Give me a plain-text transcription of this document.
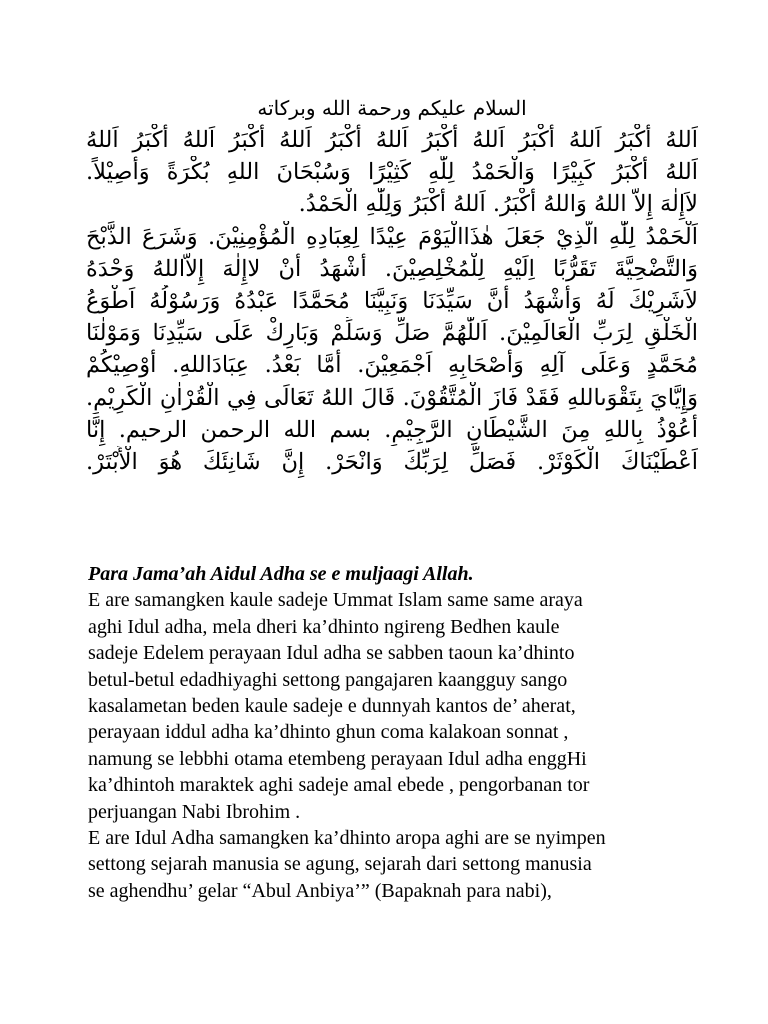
السلام عليكم ورحمة الله وبركاته
اَللهُ أَكْبَرُ اَللهُ أَكْبَرُ اَللهُ أَكْبَرُ اَللهُ أَكْبَرُ اَللهُ أَكْبَرُ اَللهُ أَكْبَرُ اَللهُ
اَللهُ أَكْبَرُ كَبِيْرًا وَالْحَمْدُ لِلّٰهِ كَثِيْرًا وَسُبْحَانَ اللهِ بُكْرَةً وَأَصِيْلاً.
لاَإِلٰهَ إِلاَّ اللهُ وَاللهُ أَكْبَرُ. اَللهُ أَكْبَرُ وَلِلّٰهِ الْحَمْدُ.
اَلْحَمْدُ لِلّٰهِ الَّذِيْ جَعَلَ هٰذَاالْيَوْمَ عِيْدًا لِعِبَادِهِ الْمُؤْمِنِيْنَ. وَشَرَعَ الذَّبْحَ
وَالتَّضْحِيَّةَ تَقَرُّبًا اِلَيْهِ لِلْمُخْلِصِيْنَ. أَشْهَدُ أَنْ لاإِلٰهَ إِلاَّاللهُ وَحْدَهُ
لاَشَرِيْكَ لَهُ وَأَشْهَدُ أَنَّ سَيِّدَنَا وَنَبِيَّنَا مُحَمَّدًا عَبْدُهُ وَرَسُوْلُهُ اَطْوَعُ
الْخَلْقِ لِرَبِّ الْعَالَمِيْنَ. اَللّٰهُمَّ صَلِّ وَسَلِّمْ وَبَارِكْ عَلَى سَيِّدِنَا وَمَوْلٰنَا
مُحَمَّدٍ وَعَلَى آلِهِ وَأَصْحَابِهِ اَجْمَعِيْنَ. أَمَّا بَعْدُ. عِبَادَاللهِ. أُوْصِيْكُمْ
وَإِيَّايَ بِتَقْوَىاللهِ فَقَدْ فَازَ الْمُتَّقُوْنَ. قَالَ اللهُ تَعَالَى فِي الْقُرْاٰنِ الْكَرِيْمِ.
أَعُوْذُ بِاللهِ مِنَ الشَّيْطَانِ الرَّجِيْمِ. بسم الله الرحمن الرحيم. إِنَّا
اَعْطَيْنَاكَ الْكَوْثَرْ. فَصَلِّ لِرَبِّكَ وَانْحَرْ. إِنَّ شَانِئَكَ هُوَ الْأَبْتَرْ.
Para Jama’ah Aidul Adha se e muljaagi Allah.
E are samangken kaule sadeje Ummat Islam same same araya
aghi Idul adha, mela dheri ka’dhinto ngireng Bedhen kaule
sadeje Edelem perayaan Idul adha se sabben taoun ka’dhinto
betul-betul edadhiyaghi settong pangajaren kaangguy sango
kasalametan beden kaule sadeje e dunnyah kantos de’ aherat,
perayaan iddul adha ka’dhinto ghun coma kalakoan sonnat ,
namung se lebbhi otama etembeng perayaan Idul adha enggHi
ka’dhintoh maraktek aghi sadeje amal ebede , pengorbanan tor
perjuangan Nabi Ibrohim .
E are Idul Adha samangken ka’dhinto aropa aghi are se nyimpen
settong sejarah manusia se agung, sejarah dari settong manusia
se aghendhu’ gelar “Abul Anbiya’” (Bapaknah para nabi),
